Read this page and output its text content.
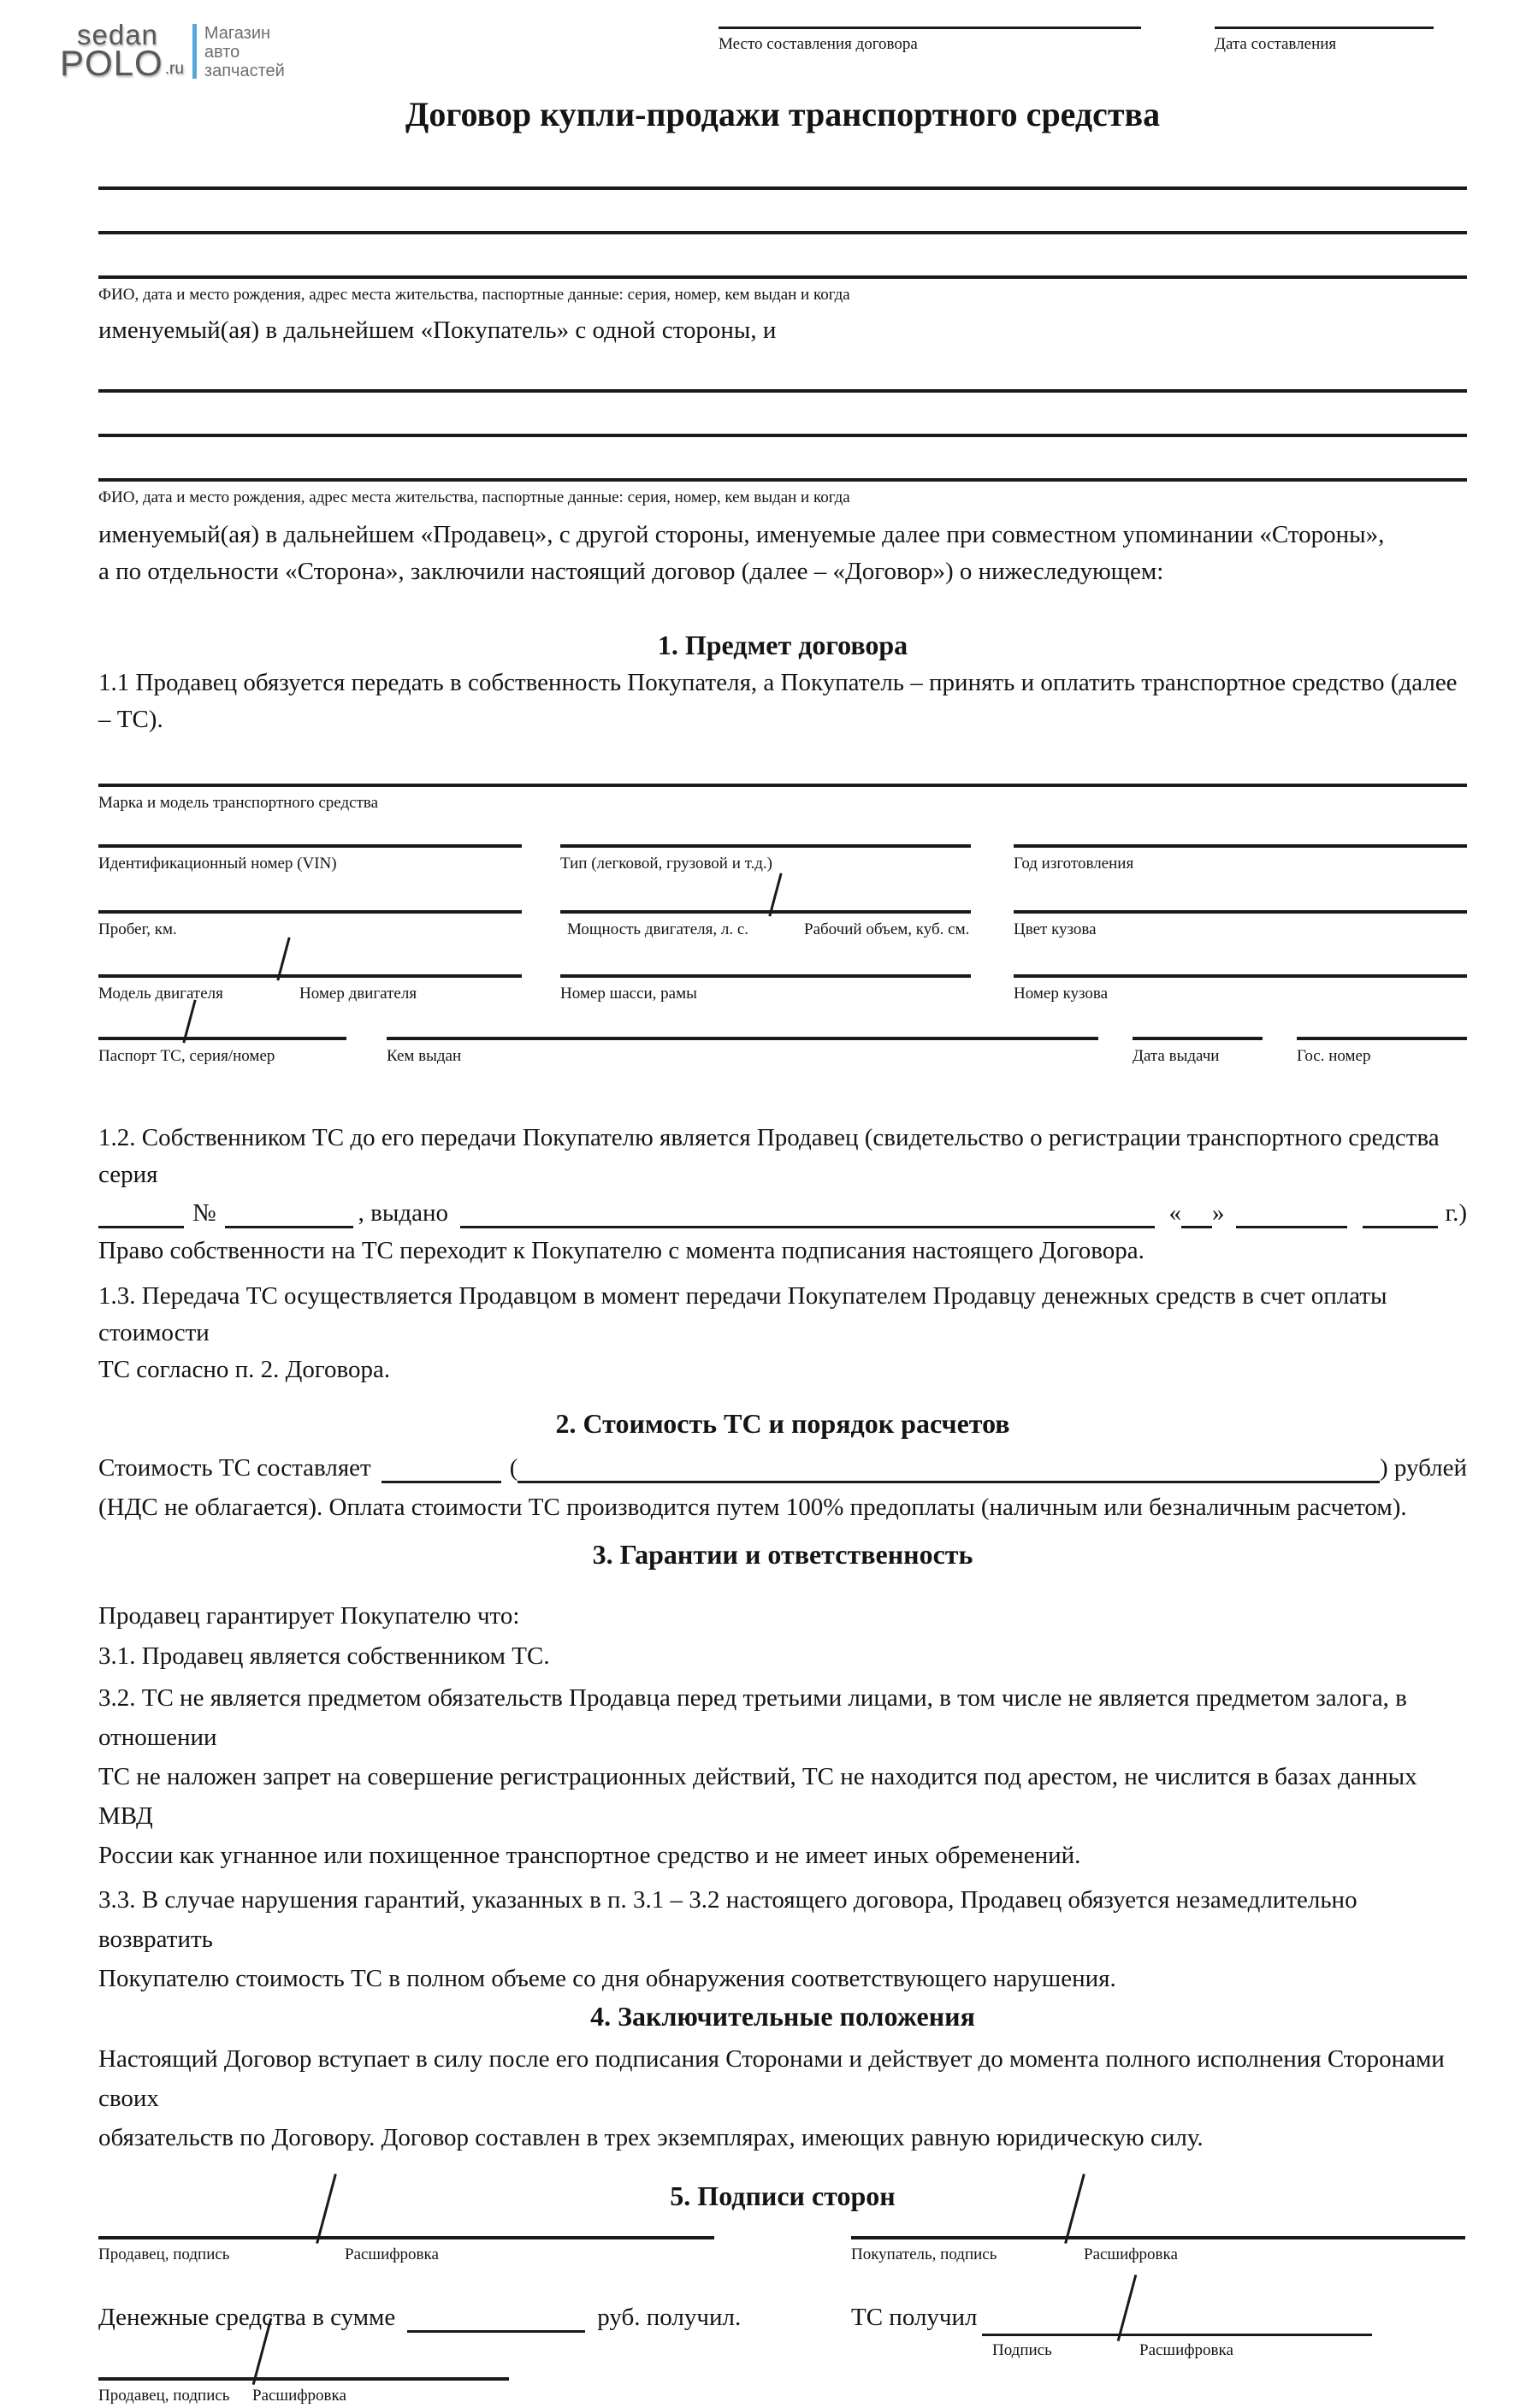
sedan
POLO .ru
Магазин
авто
запчастей
Место составления договора	Дата составления
Договор купли-продажи транспортного средства
ФИО, дата и место рождения, адрес места жительства, паспортные данные: серия, номер, кем выдан и когда
именуемый(ая) в дальнейшем «Покупатель» с одной стороны, и
ФИО, дата и место рождения, адрес места жительства, паспортные данные: серия, номер, кем выдан и когда
именуемый(ая) в дальнейшем «Продавец», с другой стороны, именуемые далее при совместном упоминании «Стороны»,
а по отдельности «Сторона», заключили настоящий договор (далее – «Договор») о нижеследующем:
1. Предмет договора
1.1 Продавец обязуется передать в собственность Покупателя, а Покупатель – принять и оплатить транспортное средство (далее – ТС).
Марка и модель транспортного средства
Идентификационный номер (VIN)	Тип (легковой, грузовой и т.д.)	Год изготовления
Пробег, км.	Мощность двигателя, л. с.	Рабочий объем, куб. см.	Цвет кузова
Модель двигателя	Номер двигателя	Номер шасси, рамы	Номер кузова
Паспорт ТС, серия/номер	Кем выдан	Дата выдачи	Гос. номер
1.2. Собственником ТС до его передачи Покупателю является Продавец (свидетельство о регистрации транспортного средства серия
№	, выдано	« »	г.)
Право собственности на ТС переходит к Покупателю с момента подписания настоящего Договора.
1.3. Передача ТС осуществляется Продавцом в момент передачи Покупателем Продавцу денежных средств в счет оплаты стоимости
ТС согласно п. 2. Договора.
2. Стоимость ТС и порядок расчетов
Стоимость ТС составляет	(	) рублей
(НДС не облагается). Оплата стоимости ТС производится путем 100% предоплаты (наличным или безналичным расчетом).
3. Гарантии и ответственность
Продавец гарантирует Покупателю что:
3.1. Продавец является собственником ТС.
3.2. ТС не является предметом обязательств Продавца перед третьими лицами, в том числе не является предметом залога, в отношении
ТС не наложен запрет на совершение регистрационных действий, ТС не находится под арестом, не числится в базах данных МВД
России как угнанное или похищенное транспортное средство и не имеет иных обременений.
3.3. В случае нарушения гарантий, указанных в п. 3.1 – 3.2 настоящего договора, Продавец обязуется незамедлительно возвратить
Покупателю стоимость ТС в полном объеме со дня обнаружения соответствующего нарушения.
4. Заключительные положения
Настоящий Договор вступает в силу после его подписания Сторонами и действует до момента полного исполнения Сторонами своих
обязательств по Договору. Договор составлен в трех экземплярах, имеющих равную юридическую силу.
5. Подписи сторон
Продавец, подпись	Расшифровка	Покупатель, подпись	Расшифровка
Денежные средства в сумме	руб. получил.	ТС получил
Подпись	Расшифровка
Продавец, подпись Расшифровка
